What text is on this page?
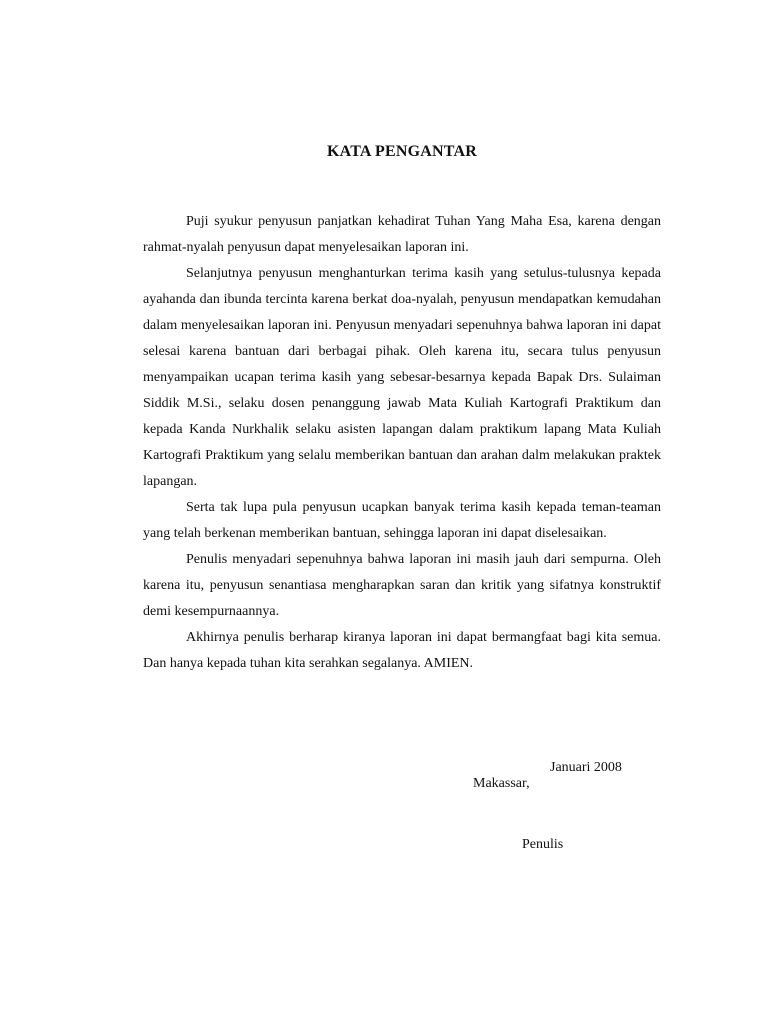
KATA PENGANTAR

Puji syukur penyusun panjatkan kehadirat Tuhan Yang Maha Esa, karena dengan rahmat-nyalah penyusun dapat menyelesaikan laporan ini.

Selanjutnya penyusun menghanturkan terima kasih yang setulus-tulusnya kepada ayahanda dan ibunda tercinta karena berkat doa-nyalah, penyusun mendapatkan kemudahan dalam menyelesaikan laporan ini. Penyusun menyadari sepenuhnya bahwa laporan ini dapat selesai karena bantuan dari berbagai pihak. Oleh karena itu, secara tulus penyusun menyampaikan ucapan terima kasih yang sebesar-besarnya kepada Bapak Drs. Sulaiman Siddik M.Si., selaku dosen penanggung jawab Mata Kuliah Kartografi Praktikum dan kepada Kanda Nurkhalik selaku asisten lapangan dalam praktikum lapang Mata Kuliah Kartografi Praktikum yang selalu memberikan bantuan dan arahan dalm melakukan praktek lapangan.

Serta tak lupa pula penyusun ucapkan banyak terima kasih kepada teman-teaman yang telah berkenan memberikan bantuan, sehingga laporan ini dapat diselesaikan.

Penulis menyadari sepenuhnya bahwa laporan ini masih jauh dari sempurna. Oleh karena itu, penyusun senantiasa mengharapkan saran dan kritik yang sifatnya konstruktif demi kesempurnaannya.

Akhirnya penulis berharap kiranya laporan ini dapat bermangfaat bagi kita semua. Dan hanya kepada tuhan kita serahkan segalanya. AMIEN.

Makassar,

Januari 2008

Penulis
